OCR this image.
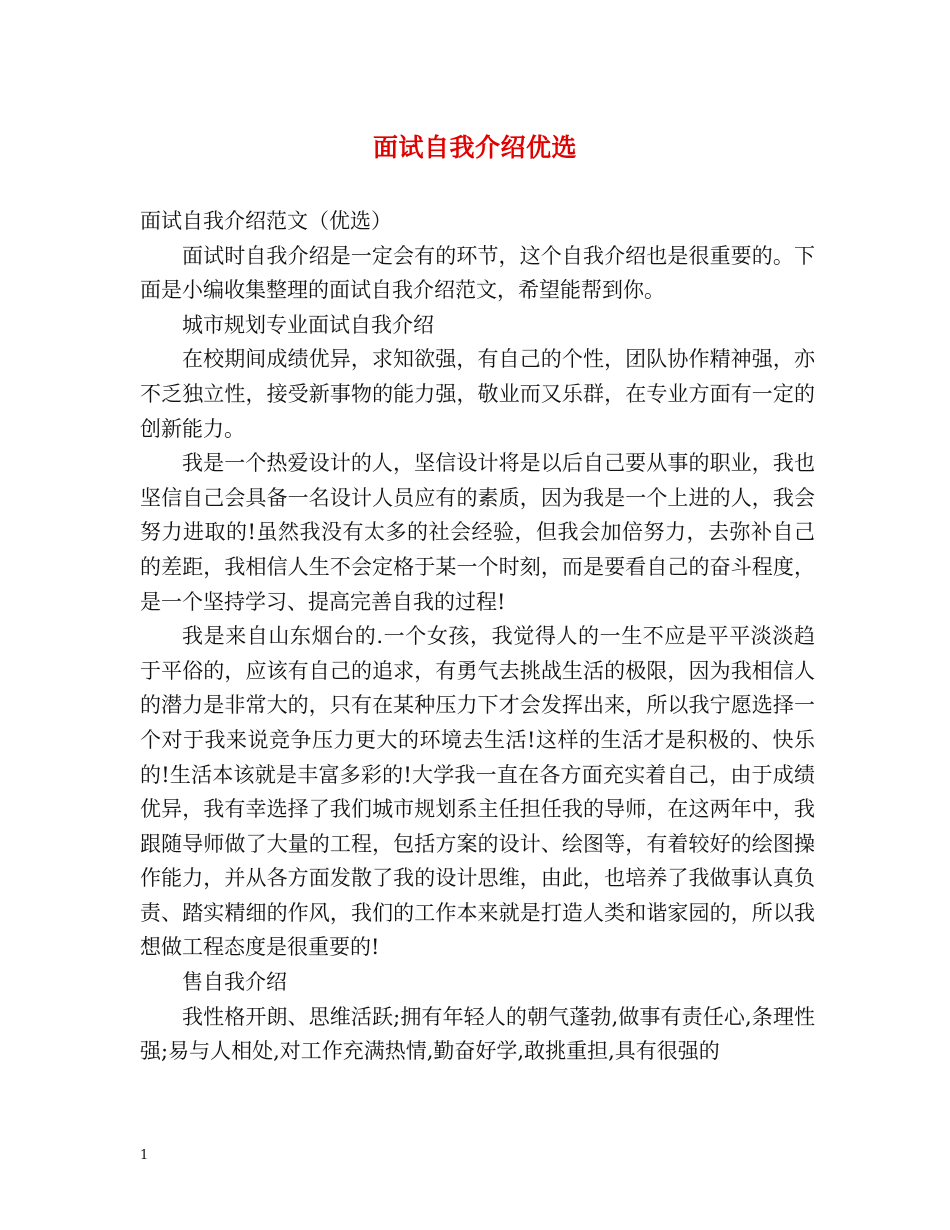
面试自我介绍优选

面试自我介绍范文（优选）

面试时自我介绍是一定会有的环节，这个自我介绍也是很重要的。下面是小编收集整理的面试自我介绍范文，希望能帮到你。

城市规划专业面试自我介绍

在校期间成绩优异，求知欲强，有自己的个性，团队协作精神强，亦不乏独立性，接受新事物的能力强，敬业而又乐群，在专业方面有一定的创新能力。

我是一个热爱设计的人，坚信设计将是以后自己要从事的职业，我也坚信自己会具备一名设计人员应有的素质，因为我是一个上进的人，我会努力进取的!虽然我没有太多的社会经验，但我会加倍努力，去弥补自己的差距，我相信人生不会定格于某一个时刻，而是要看自己的奋斗程度，是一个坚持学习、提高完善自我的过程!

我是来自山东烟台的.一个女孩，我觉得人的一生不应是平平淡淡趋于平俗的，应该有自己的追求，有勇气去挑战生活的极限，因为我相信人的潜力是非常大的，只有在某种压力下才会发挥出来，所以我宁愿选择一个对于我来说竞争压力更大的环境去生活!这样的生活才是积极的、快乐的!生活本该就是丰富多彩的!大学我一直在各方面充实着自己，由于成绩优异，我有幸选择了我们城市规划系主任担任我的导师，在这两年中，我跟随导师做了大量的工程，包括方案的设计、绘图等，有着较好的绘图操作能力，并从各方面发散了我的设计思维，由此，也培养了我做事认真负责、踏实精细的作风，我们的工作本来就是打造人类和谐家园的，所以我想做工程态度是很重要的!

售自我介绍

我性格开朗、思维活跃;拥有年轻人的朝气蓬勃,做事有责任心,条理性强;易与人相处,对工作充满热情,勤奋好学,敢挑重担,具有很强的

1
